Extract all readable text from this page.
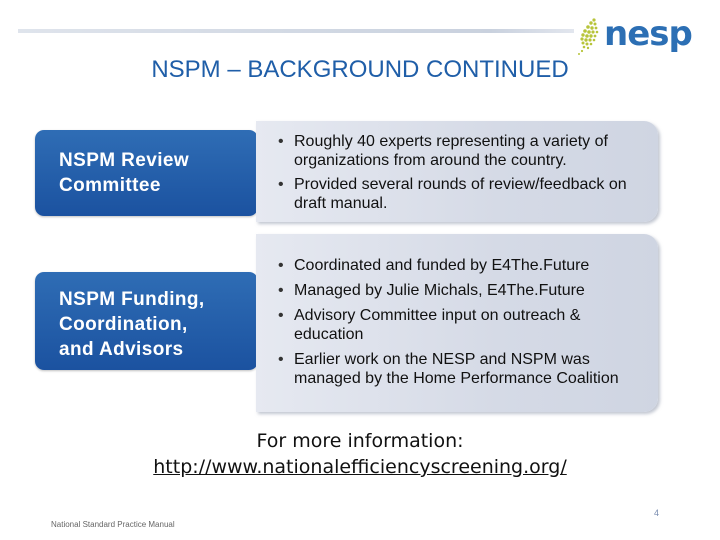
nesp
NSPM – BACKGROUND CONTINUED
NSPM Review
Committee
• Roughly 40 experts representing a variety of organizations from around the country.
• Provided several rounds of review/feedback on draft manual.
NSPM Funding,
Coordination,
and Advisors
• Coordinated and funded by E4The.Future
• Managed by Julie Michals, E4The.Future
• Advisory Committee input on outreach & education
• Earlier work on the NESP and NSPM was managed by the Home Performance Coalition
For more information:
http://www.nationalefficiencyscreening.org/
National Standard Practice Manual
4
